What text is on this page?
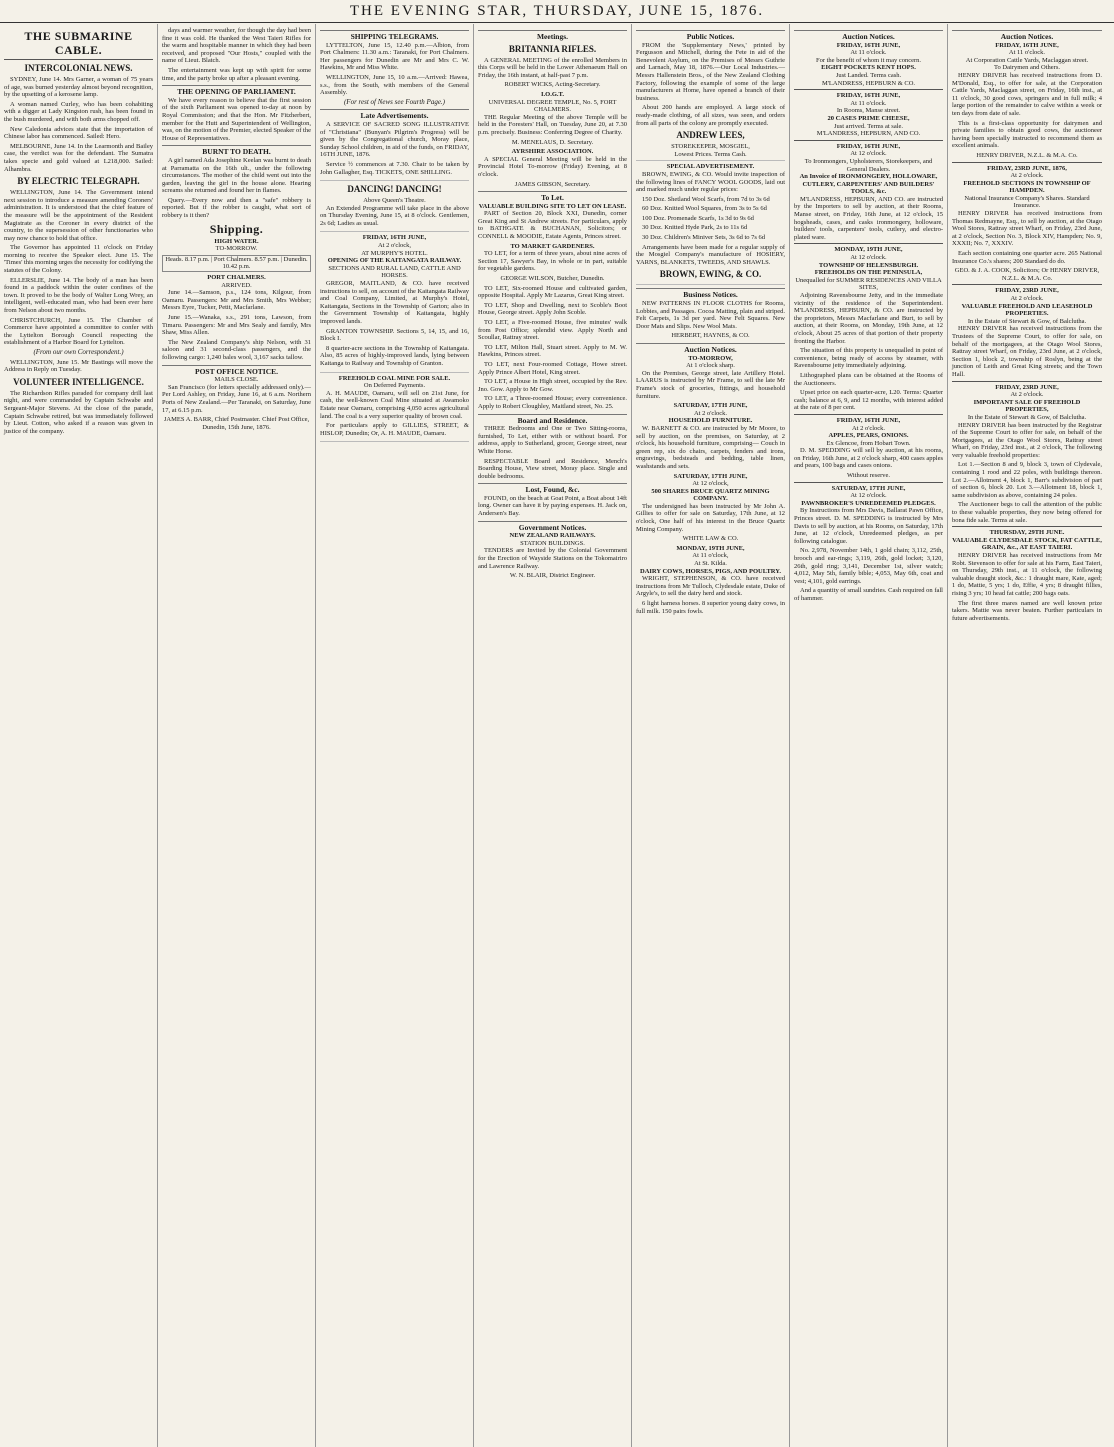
THE EVENING STAR, THURSDAY, JUNE 15, 1876.
THE SUBMARINE CABLE.
INTERCOLONIAL NEWS.

SYDNEY, June 14. Mrs Garner, a woman of 75 years of age, was burned yesterday almost beyond recognition, by the upsetting of a kerosene lamp.

A woman named Curley, who has been cohabiting with a digger at Lady Kingston rush, has been found in the bush murdered, and with both arms chopped off.

New Caledonia advices state that the importation of Chinese labor has commenced. Sailed: Hero.

MELBOURNE, June 14. In the Learmonth and Bailey case, the verdict was for the defendant. The Sumatra takes specie and gold valued at L218,000. Sailed: Alhambra.

BY ELECTRIC TELEGRAPH.

WELLINGTON, June 14. The Government intend next session to introduce a measure amending Coroners' administration. It is understood that the chief feature of the measure will be the appointment of the Resident Magistrate as the Coroner in every district of the country, to the supersession of other functionaries who may now chance to hold that office.

The Governor has appointed 11 o'clock on Friday morning to receive the Speaker elect. June 15. The 'Times' this morning urges the necessity for codifying the statutes of the Colony.

ELLERSLIE, June 14. The body of a man has been found in a paddock within the outer confines of the town. It proved to be the body of Walter Long Wrey, an intelligent, well-educated man, who had been ever here from Nelson about two months.

CHRISTCHURCH, June 15. The Chamber of Commerce have appointed a committee to confer with the Lyttelton Borough Council respecting the establishment of a Harbor Board for Lyttelton.

(From our own Correspondent.)

WELLINGTON, June 15. Mr Bastings will move the Address in Reply on Tuesday.

VOLUNTEER INTELLIGENCE.

The Richardson Rifles paraded for company drill last night, and were commanded by Captain Schwabe and Sergeant-Major Stevens. At the close of the parade, Captain Schwabe retired, but was immediately followed by Lieut. Cotton, who asked if a reason was given in justice of the company.

days and warmer weather, for though the day had been fine it was cold. He thanked the West Taieri Rifles for the warm and hospitable manner in which they had been received, and proposed "Our Hosts," coupled with the name of Lieut. Blatch.

The entertainment was kept up with spirit for some time, and the party broke up after a pleasant evening.

THE OPENING OF PARLIAMENT.

We have every reason to believe that the first session of the sixth Parliament was opened to-day at noon by Royal Commission; and that the Hon. Mr Fitzherbert, member for the Hutt and Superintendent of Wellington, was, on the motion of the Premier, elected Speaker of the House of Representatives.

BURNT TO DEATH.

A girl named Ada Josephine Keelan was burnt to death at Parramatta on the 16th ult., under the following circumstances. The mother of the child went out into the garden, leaving the girl in the house alone. Hearing screams she returned and found her in flames.

Query.—Every now and then a "safe" robbery is reported. But if the robber is caught, what sort of robbery is it then?

Shipping.
HIGH WATER.
TO-MORROW.
Heads. 8.17 p.m. | Port Chalmers. 8.57 p.m. | Dunedin. 10.42 p.m.
PORT CHALMERS.
ARRIVED.

June 14.—Samson, p.s., 124 tons, Kilgour, from Oamaru. Passengers: Mr and Mrs Smith, Mrs Webber; Messrs Eyre, Tucker, Petit, Macfarlane.

June 15.—Wanaka, s.s., 291 tons, Lawson, from Timaru. Passengers: Mr and Mrs Sealy and family, Mrs Shaw, Miss Allen.

The New Zealand Company's ship Nelson, with 31 saloon and 31 second-class passengers, and the following cargo: 1,240 bales wool, 3,167 sacks tallow.

POST OFFICE NOTICE.
MAILS CLOSE.

San Francisco (for letters specially addressed only).—Per Lord Ashley, on Friday, June 16, at 6 a.m. Northern Ports of New Zealand.—Per Taranaki, on Saturday, June 17, at 6.15 p.m.

JAMES A. BARR, Chief Postmaster. Chief Post Office, Dunedin, 15th June, 1876.

SHIPPING TELEGRAMS.

LYTTELTON, June 15, 12.40 p.m.—Albion, from Port Chalmers: 11.30 a.m.: Taranaki, for Port Chalmers. Her passengers for Dunedin are Mr and Mrs C. W. Hawkins, Mr and Miss White.

WELLINGTON, June 15, 10 a.m.—Arrived: Hawea, s.s., from the South, with members of the General Assembly.

(For rest of News see Fourth Page.)
Late Advertisements.

A SERVICE OF SACRED SONG ILLUSTRATIVE of "Christiana" (Bunyan's Pilgrim's Progress) will be given by the Congregational church, Moray place, Sunday School children, in aid of the funds, on FRIDAY, 16TH JUNE, 1876.

Service ½ commences at 7.30. Chair to be taken by John Gallagher, Esq. TICKETS, ONE SHILLING.

DANCING! DANCING!
Above Queen's Theatre.

An Extended Programme will take place in the above on Thursday Evening, June 15, at 8 o'clock. Gentlemen, 2s 6d; Ladies as usual.

FRIDAY, 16TH JUNE,
At 2 o'clock,
AT MURPHY'S HOTEL.
OPENING OF THE KAITANGATA RAILWAY.
SECTIONS AND RURAL LAND, CATTLE AND HORSES.

GREGOR, MAITLAND, & CO. have received instructions to sell, on account of the Kaitangata Railway and Coal Company, Limited, at Murphy's Hotel, Kaitangata, Sections in the Township of Garton; also in the Government Township of Kaitangata, highly improved lands.

GRANTON TOWNSHIP. Sections 5, 14, 15, and 16, Block I.

8 quarter-acre sections in the Township of Kaitangata. Also, 85 acres of highly-improved lands, lying between Kaitanga to Railway and Township of Granton.

FREEHOLD COAL MINE FOR SALE.
On Deferred Payments.

A. H. MAUDE, Oamaru, will sell on 21st June, for cash, the well-known Coal Mine situated at Awamoko Estate near Oamaru, comprising 4,050 acres agricultural land. The coal is a very superior quality of brown coal.

For particulars apply to GILLIES, STREET, & HISLOP, Dunedin; Or, A. H. MAUDE, Oamaru.

Meetings.
BRITANNIA RIFLES.

A GENERAL MEETING of the enrolled Members in this Corps will be held in the Lower Athenaeum Hall on Friday, the 16th instant, at half-past 7 p.m.

ROBERT WICKS, Acting-Secretary.

I.O.G.T.
UNIVERSAL DEGREE TEMPLE, No. 5, FORT CHALMERS.

THE Regular Meeting of the above Temple will be held in the Foresters' Hall, on Tuesday, June 20, at 7.30 p.m. precisely. Business: Conferring Degree of Charity.

M. MENELAUS, D. Secretary.

AYRSHIRE ASSOCIATION.

A SPECIAL General Meeting will be held in the Provincial Hotel To-morrow (Friday) Evening, at 8 o'clock.

JAMES GIBSON, Secretary.

To Let.
VALUABLE BUILDING SITE TO LET ON LEASE.

PART of Section 20, Block XXI, Dunedin, corner Great King and St Andrew streets. For particulars, apply to BATHGATE & BUCHANAN, Solicitors; or CONNELL & MOODIE, Estate Agents, Princes street.

TO MARKET GARDENERS.

TO LET, for a term of three years, about nine acres of Section 17, Sawyer's Bay, in whole or in part, suitable for vegetable gardens.

GEORGE WILSON, Butcher, Dunedin.

TO LET, Six-roomed House and cultivated garden, opposite Hospital. Apply Mr Lazarus, Great King street.

TO LET, Shop and Dwelling, next to Scoble's Boot House, George street. Apply John Scoble.

TO LET, a Five-roomed House, five minutes' walk from Post Office; splendid view. Apply North and Scoullar, Rattray street.

TO LET, Milton Hall, Stuart street. Apply to M. W. Hawkins, Princes street.

TO LET, next Four-roomed Cottage, Howe street. Apply Prince Albert Hotel, King street.

TO LET, a House in High street, occupied by the Rev. Jno. Gow. Apply to Mr Gow.

TO LET, a Three-roomed House; every convenience. Apply to Robert Cloughley, Maitland street, No. 25.

Board and Residence.

THREE Bedrooms and One or Two Sitting-rooms, furnished, To Let, either with or without board. For address, apply to Sutherland, grocer, George street, near White Horse.

RESPECTABLE Board and Residence, Mench's Boarding House, View street, Moray place. Single and double bedrooms.

Lost, Found, &c.

FOUND, on the beach at Goat Point, a Boat about 14ft long. Owner can have it by paying expenses. H. Jack on, Andersen's Bay.

Government Notices.
NEW ZEALAND RAILWAYS.
STATION BUILDINGS.

TENDERS are Invited by the Colonial Government for the Erection of Wayside Stations on the Tokomairiro and Lawrence Railway.

W. N. BLAIR, District Engineer.

Public Notices.

FROM the 'Supplementary News,' printed by Fergusson and Mitchell, during the Fete in aid of the Benevolent Asylum, on the Premises of Messrs Guthrie and Larnach, May 18, 1876.—Our Local Industries.—Messrs Hallenstein Bros., of the New Zealand Clothing Factory, following the example of some of the large manufacturers at Home, have opened a branch of their business.

About 200 hands are employed. A large stock of ready-made clothing, of all sizes, was seen, and orders from all parts of the colony are promptly executed.

ANDREW LEES,
STOREKEEPER, MOSGIEL,
Lowest Prices. Terms Cash.
SPECIAL ADVERTISEMENT.

BROWN, EWING, & CO. Would invite inspection of the following lines of FANCY WOOL GOODS, laid out and marked much under regular prices:

150 Doz. Shetland Wool Scarfs, from 7d to 3s 6d

60 Doz. Knitted Wool Squares, from 3s to 5s 6d

100 Doz. Promenade Scarfs, 1s 3d to 9s 6d

30 Doz. Knitted Hyde Park, 2s to 11s 6d

30 Doz. Children's Miniver Sets, 3s 6d to 7s 6d

Arrangements have been made for a regular supply of the Mosgiel Company's manufacture of HOSIERY, YARNS, BLANKETS, TWEEDS, AND SHAWLS.

BROWN, EWING, & CO.
Business Notices.

NEW PATTERNS IN FLOOR CLOTHS for Rooms, Lobbies, and Passages. Cocoa Matting, plain and striped. Felt Carpets, 1s 3d per yard. New Felt Squares. New Door Mats and Slips. New Wool Mats.

HERBERT, HAYNES, & CO.

Auction Notices.
TO-MORROW,
At 1 o'clock sharp.

On the Premises, George street, late Artillery Hotel. LAARUS is instructed by Mr Frame, to sell the late Mr Frame's stock of groceries, fittings, and household furniture.

SATURDAY, 17TH JUNE,
At 2 o'clock.
HOUSEHOLD FURNITURE.

W. BARNETT & CO. are instructed by Mr Moore, to sell by auction, on the premises, on Saturday, at 2 o'clock, his household furniture, comprising— Couch in green rep, six do chairs, carpets, fenders and irons, engravings, bedsteads and bedding, table linen, washstands and sets.

SATURDAY, 17TH JUNE,
At 12 o'clock,
500 SHARES BRUCE QUARTZ MINING COMPANY.

The undersigned has been instructed by Mr John A. Gillies to offer for sale on Saturday, 17th June, at 12 o'clock, One half of his interest in the Bruce Quartz Mining Company.

WHITE LAW & CO.

MONDAY, 19TH JUNE,
At 11 o'clock,
At St. Kilda.
DAIRY COWS, HORSES, PIGS, AND POULTRY.

WRIGHT, STEPHENSON, & CO. have received instructions from Mr Tulloch, Clydesdale estate, Duke of Argyle's, to sell the dairy herd and stock.

6 light harness horses. 8 superior young dairy cows, in full milk. 150 pairs fowls.

Auction Notices.
FRIDAY, 16TH JUNE,
At 11 o'clock.
For the benefit of whom it may concern.
EIGHT POCKETS KENT HOPS.
Just Landed. Terms cash.
M'LANDRESS, HEPBURN & CO.
FRIDAY, 16TH JUNE,
At 11 o'clock.
In Rooms, Manse street.
20 CASES PRIME CHEESE,
Just arrived. Terms at sale.
M'LANDRESS, HEPBURN, AND CO.
FRIDAY, 16TH JUNE,
At 12 o'clock.
To Ironmongers, Upholsterers, Storekeepers, and General Dealers.
An Invoice of IRONMONGERY, HOLLOWARE, CUTLERY, CARPENTERS' AND BUILDERS' TOOLS, &c.

M'LANDRESS, HEPBURN, AND CO. are instructed by the Importers to sell by auction, at their Rooms, Manse street, on Friday, 16th June, at 12 o'clock, 15 hogsheads, cases, and casks ironmongery, holloware, builders' tools, carpenters' tools, cutlery, and electro-plated ware.

MONDAY, 19TH JUNE,
At 12 o'clock.
TOWNSHIP OF HELENSBURGH.
FREEHOLDS ON THE PENINSULA,
Unequalled for SUMMER RESIDENCES AND VILLA SITES,

Adjoining Ravensbourne Jetty, and in the immediate vicinity of the residence of the Superintendent. M'LANDRESS, HEPBURN, & CO. are instructed by the proprietors, Messrs Macfarlane and Burt, to sell by auction, at their Rooms, on Monday, 19th June, at 12 o'clock, About 25 acres of that portion of their property fronting the Harbor.

The situation of this property is unequalled in point of convenience, being ready of access by steamer, with Ravensbourne jetty immediately adjoining.

Lithographed plans can be obtained at the Rooms of the Auctioneers.

Upset price on each quarter-acre, L20. Terms: Quarter cash; balance at 6, 9, and 12 months, with interest added at the rate of 8 per cent.

FRIDAY, 16TH JUNE,
At 2 o'clock.
APPLES, PEARS, ONIONS.
Ex Glencoe, from Hobart Town.

D. M. SPEDDING will sell by auction, at his rooms, on Friday, 16th June, at 2 o'clock sharp, 400 cases apples and pears, 100 bags and cases onions.

Without reserve.
SATURDAY, 17TH JUNE,
At 12 o'clock.
PAWNBROKER'S UNREDEEMED PLEDGES.

By Instructions from Mrs Davis, Ballarat Pawn Office, Princes street. D. M. SPEDDING is instructed by Mrs Davis to sell by auction, at his Rooms, on Saturday, 17th June, at 12 o'clock, Unredeemed pledges, as per following catalogue.

No. 2,978, November 14th, 1 gold chain; 3,112, 25th, brooch and ear-rings; 3,119, 26th, gold locket; 3,120, 26th, gold ring; 3,141, December 1st, silver watch; 4,012, May 5th, family bible; 4,053, May 6th, coat and vest; 4,101, gold earrings.

And a quantity of small sundries. Cash required on fall of hammer.

Auction Notices.
FRIDAY, 16TH JUNE,
At 11 o'clock.
At Corporation Cattle Yards, Maclaggan street.
To Dairymen and Others.

HENRY DRIVER has received instructions from D. M'Donald, Esq., to offer for sale, at the Corporation Cattle Yards, Maclaggan street, on Friday, 16th inst., at 11 o'clock, 30 good cows, springers and in full milk; 4 large portion of the remainder to calve within a week or ten days from date of sale.

This is a first-class opportunity for dairymen and private families to obtain good cows, the auctioneer having been specially instructed to recommend them as excellent animals.

HENRY DRIVER, N.Z.L. & M.A. Co.
FRIDAY, 23RD JUNE, 1876,
At 2 o'clock.
FREEHOLD SECTIONS IN TOWNSHIP OF HAMPDEN.
National Insurance Company's Shares. Standard Insurance.

HENRY DRIVER has received instructions from Thomas Redmayne, Esq., to sell by auction, at the Otago Wool Stores, Rattray street Wharf, on Friday, 23rd June, at 2 o'clock, Section No. 3, Block XIV, Hampden; No. 9, XXXII; No. 7, XXXIV.

Each section containing one quarter acre. 265 National Insurance Co.'s shares; 200 Standard do do.

GEO. & J. A. COOK, Solicitors; Or HENRY DRIVER, N.Z.L. & M.A. Co.
FRIDAY, 23RD JUNE,
At 2 o'clock.
VALUABLE FREEHOLD AND LEASEHOLD PROPERTIES.
In the Estate of Stewart & Gow, of Balclutha.

HENRY DRIVER has received instructions from the Trustees of the Supreme Court, to offer for sale, on behalf of the mortgagees, at the Otago Wool Stores, Rattray street Wharf, on Friday, 23rd June, at 2 o'clock, Section 1, block 2, township of Roslyn, being at the junction of Leith and Great King streets; and the Town Hall.

FRIDAY, 23RD JUNE,
At 2 o'clock.
IMPORTANT SALE OF FREEHOLD PROPERTIES,
In the Estate of Stewart & Gow, of Balclutha.

HENRY DRIVER has been instructed by the Registrar of the Supreme Court to offer for sale, on behalf of the Mortgagees, at the Otago Wool Stores, Rattray street Wharf, on Friday, 23rd inst., at 2 o'clock, The following very valuable freehold properties:

Lot 1.—Section 8 and 9, block 3, town of Clydevale, containing 1 rood and 22 poles, with buildings thereon. Lot 2.—Allotment 4, block 1, Barr's subdivision of part of section 6, block 20. Lot 3.—Allotment 18, block 1, same subdivision as above, containing 24 poles.

The Auctioneer begs to call the attention of the public to these valuable properties, they now being offered for bona fide sale. Terms at sale.

THURSDAY, 29TH JUNE.
VALUABLE CLYDESDALE STOCK, FAT CATTLE, GRAIN, &c., AT EAST TAIERI.

HENRY DRIVER has received instructions from Mr Robt. Stevenson to offer for sale at his Farm, East Taieri, on Thursday, 29th inst., at 11 o'clock, the following valuable draught stock, &c.: 1 draught mare, Kate, aged; 1 do, Mattie, 5 yrs; 1 do, Effie, 4 yrs; 8 draught fillies, rising 3 yrs; 10 head fat cattle; 200 bags oats.

The first three mares named are well known prize takers. Mattie was never beaten. Further particulars in future advertisements.
